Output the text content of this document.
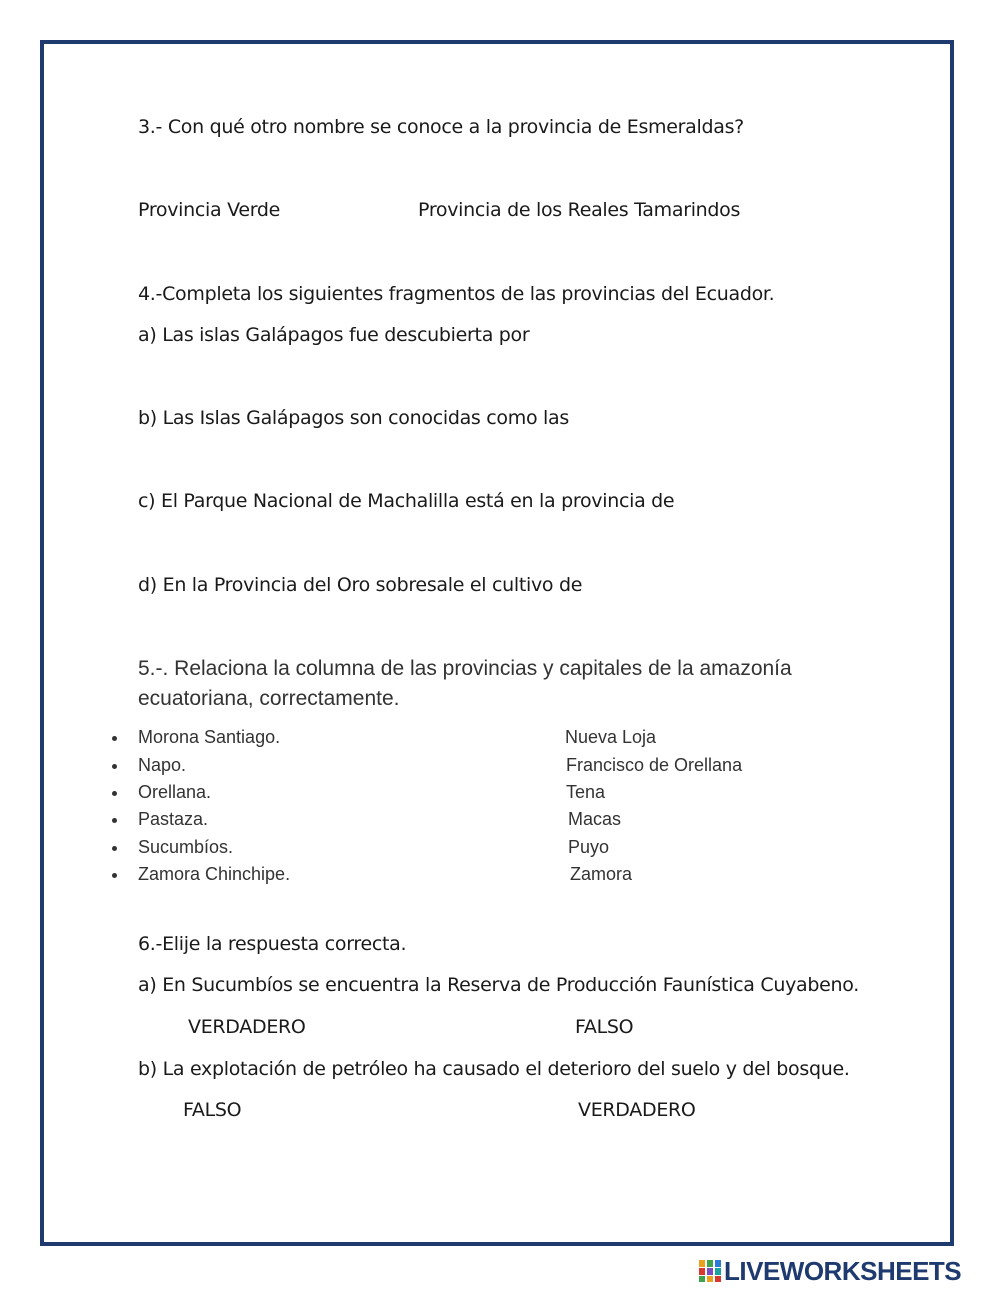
3.- Con qué otro nombre se conoce a la provincia de Esmeraldas?
Provincia Verde	Provincia de los Reales Tamarindos
4.-Completa los siguientes fragmentos de las provincias del Ecuador.
a) Las islas Galápagos fue descubierta por
b) Las Islas Galápagos son conocidas como las
c) El Parque Nacional de Machalilla está en la provincia de
d) En la Provincia del Oro sobresale el cultivo de
5.-. Relaciona la columna de las provincias y capitales de la amazonía
ecuatoriana, correctamente.
Morona Santiago.	Nueva Loja
Napo.	Francisco de Orellana
Orellana.	Tena
Pastaza.	Macas
Sucumbíos.	Puyo
Zamora Chinchipe.	Zamora
6.-Elije la respuesta correcta.
a) En Sucumbíos se encuentra la Reserva de Producción Faunística Cuyabeno.
VERDADERO	FALSO
b) La explotación de petróleo ha causado el deterioro del suelo y del bosque.
FALSO	VERDADERO
LIVEWORKSHEETS
